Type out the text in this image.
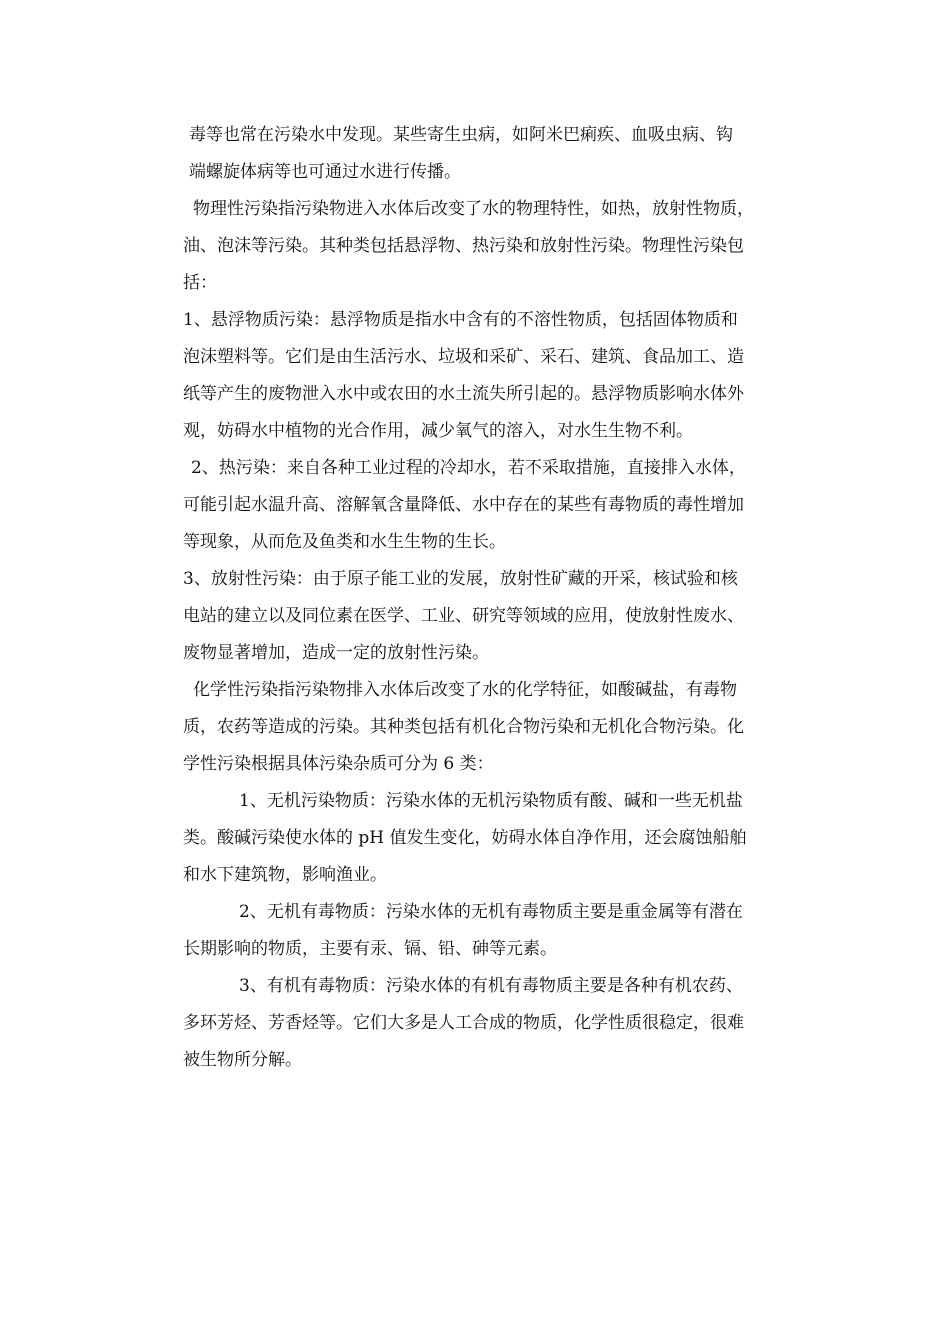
毒等也常在污染水中发现。某些寄生虫病，如阿米巴痢疾、血吸虫病、钩

端螺旋体病等也可通过水进行传播。

物理性污染指污染物进入水体后改变了水的物理特性，如热，放射性物质，

油、泡沫等污染。其种类包括悬浮物、热污染和放射性污染。物理性污染包

括：

1、悬浮物质污染：悬浮物质是指水中含有的不溶性物质，包括固体物质和

泡沫塑料等。它们是由生活污水、垃圾和采矿、采石、建筑、食品加工、造

纸等产生的废物泄入水中或农田的水土流失所引起的。悬浮物质影响水体外

观，妨碍水中植物的光合作用，减少氧气的溶入，对水生生物不利。

2、热污染：来自各种工业过程的冷却水，若不采取措施，直接排入水体，

可能引起水温升高、溶解氧含量降低、水中存在的某些有毒物质的毒性增加

等现象，从而危及鱼类和水生生物的生长。

3、放射性污染：由于原子能工业的发展，放射性矿藏的开采，核试验和核

电站的建立以及同位素在医学、工业、研究等领域的应用，使放射性废水、

废物显著增加，造成一定的放射性污染。

化学性污染指污染物排入水体后改变了水的化学特征，如酸碱盐，有毒物

质，农药等造成的污染。其种类包括有机化合物污染和无机化合物污染。化

学性污染根据具体污染杂质可分为 6 类：

1、无机污染物质：污染水体的无机污染物质有酸、碱和一些无机盐

类。酸碱污染使水体的 pH 值发生变化，妨碍水体自净作用，还会腐蚀船舶

和水下建筑物，影响渔业。

2、无机有毒物质：污染水体的无机有毒物质主要是重金属等有潜在

长期影响的物质，主要有汞、镉、铅、砷等元素。

3、有机有毒物质：污染水体的有机有毒物质主要是各种有机农药、

多环芳烃、芳香烃等。它们大多是人工合成的物质，化学性质很稳定，很难

被生物所分解。
